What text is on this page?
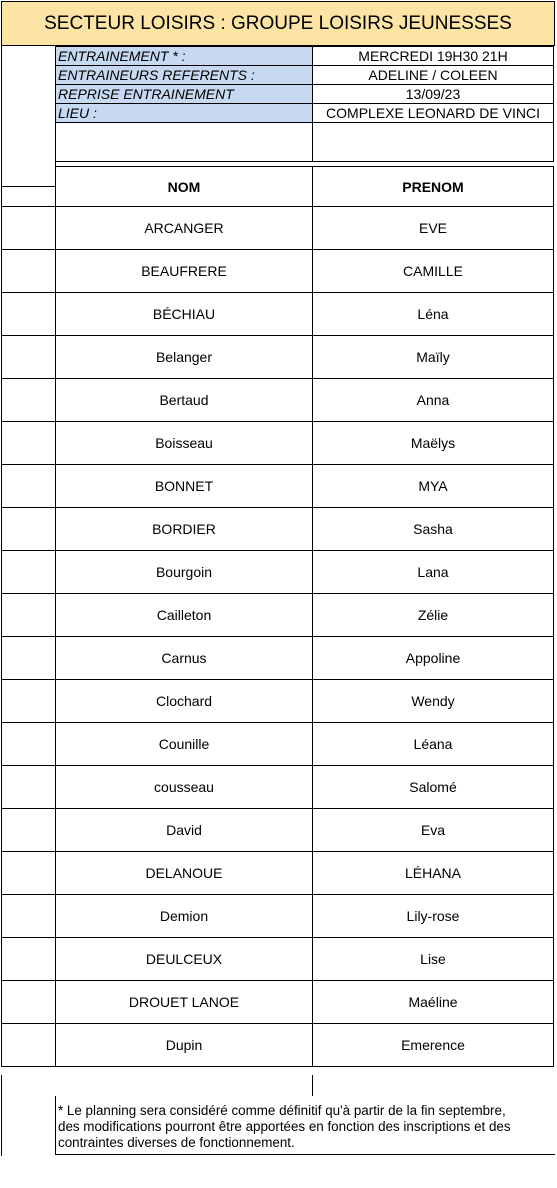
SECTEUR LOISIRS : GROUPE LOISIRS JEUNESSES
ENTRAINEMENT * :	MERCREDI 19H30 21H
ENTRAINEURS REFERENTS :	ADELINE / COLEEN
REPRISE ENTRAINEMENT	13/09/23
LIEU :	COMPLEXE LEONARD DE VINCI

	NOM	PRENOM
	ARCANGER	EVE
	BEAUFRERE	CAMILLE
	BÉCHIAU	Léna
	Belanger	Maïly
	Bertaud	Anna
	Boisseau	Maëlys
	BONNET	MYA
	BORDIER	Sasha
	Bourgoin	Lana
	Cailleton	Zélie
	Carnus	Appoline
	Clochard	Wendy
	Counille	Léana
	cousseau	Salomé
	David	Eva
	DELANOUE	LÉHANA
	Demion	Lily-rose
	DEULCEUX	Lise
	DROUET LANOE	Maéline
	Dupin	Emerence
* Le planning sera considéré comme définitif qu'à partir de la fin septembre,
des modifications pourront être apportées en fonction des inscriptions et des
contraintes diverses de fonctionnement.
